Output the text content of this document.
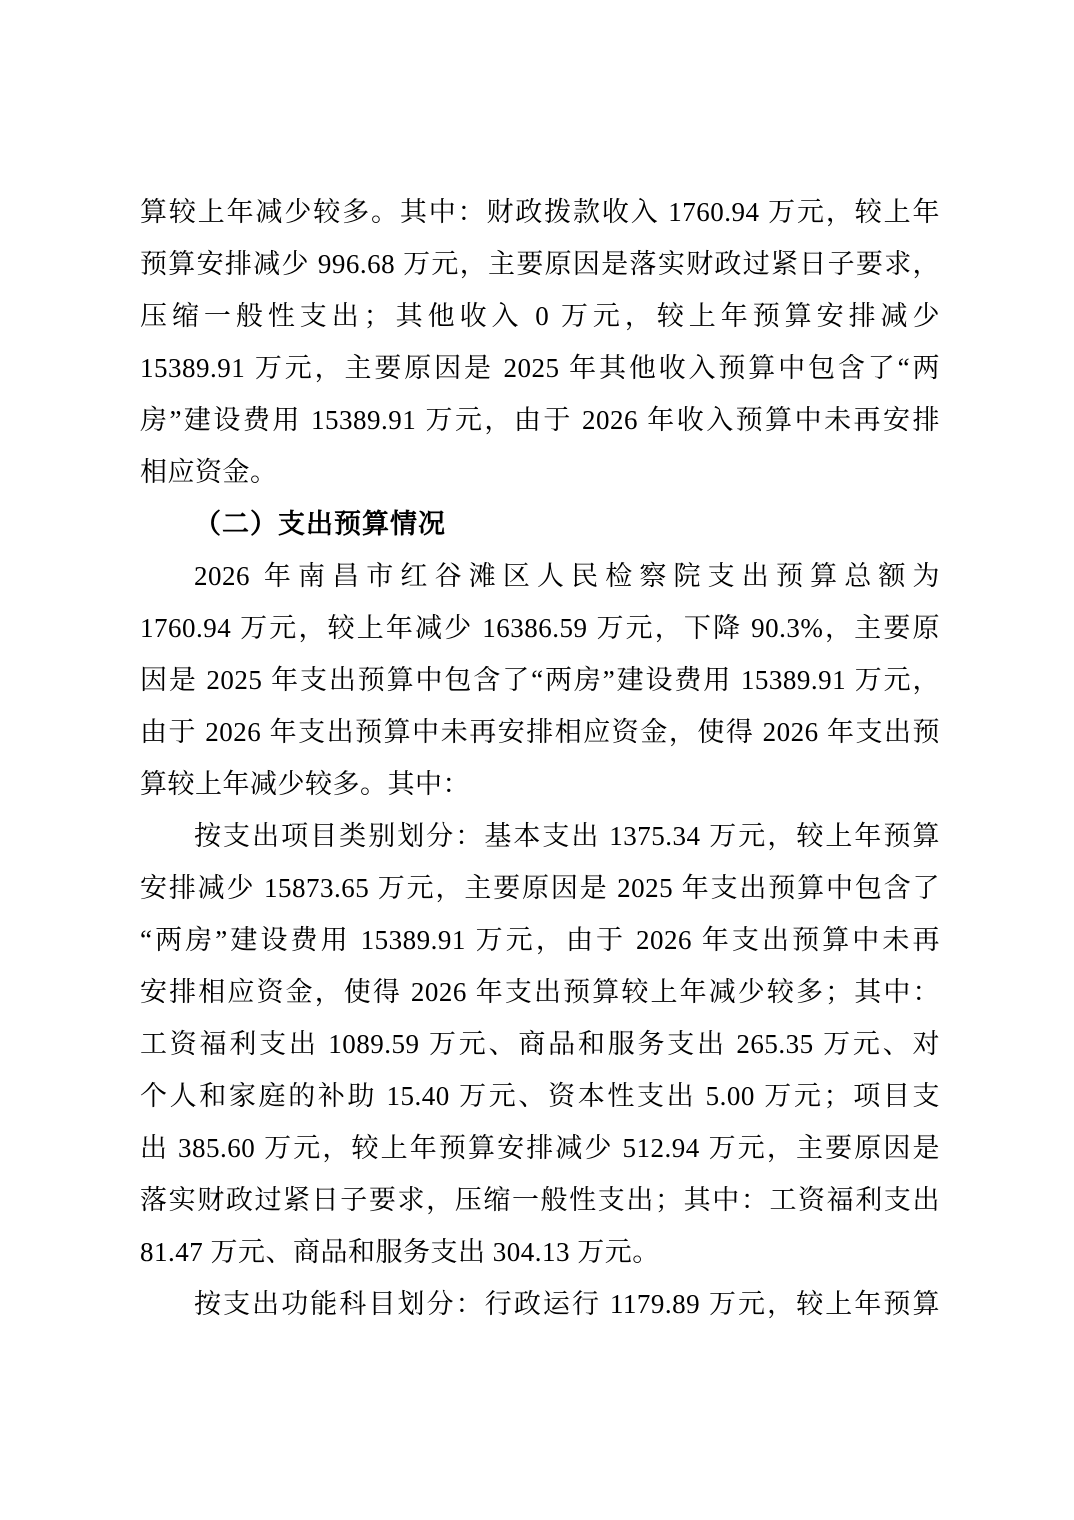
算较上年减少较多。其中：财政拨款收入 1760.94 万元，较上年
预算安排减少 996.68 万元，主要原因是落实财政过紧日子要求，
压缩一般性支出；其他收入 0 万元，较上年预算安排减少
15389.91 万元，主要原因是 2025 年其他收入预算中包含了“两
房”建设费用 15389.91 万元，由于 2026 年收入预算中未再安排
相应资金。
（二）支出预算情况
2026 年南昌市红谷滩区人民检察院支出预算总额为
1760.94 万元，较上年减少 16386.59 万元，下降 90.3%，主要原
因是 2025 年支出预算中包含了“两房”建设费用 15389.91 万元，
由于 2026 年支出预算中未再安排相应资金，使得 2026 年支出预
算较上年减少较多。其中：
按支出项目类别划分：基本支出 1375.34 万元，较上年预算
安排减少 15873.65 万元，主要原因是 2025 年支出预算中包含了
“两房”建设费用 15389.91 万元，由于 2026 年支出预算中未再
安排相应资金，使得 2026 年支出预算较上年减少较多；其中：
工资福利支出 1089.59 万元、商品和服务支出 265.35 万元、对
个人和家庭的补助 15.40 万元、资本性支出 5.00 万元；项目支
出 385.60 万元，较上年预算安排减少 512.94 万元，主要原因是
落实财政过紧日子要求，压缩一般性支出；其中：工资福利支出
81.47 万元、商品和服务支出 304.13 万元。
按支出功能科目划分：行政运行 1179.89 万元，较上年预算
